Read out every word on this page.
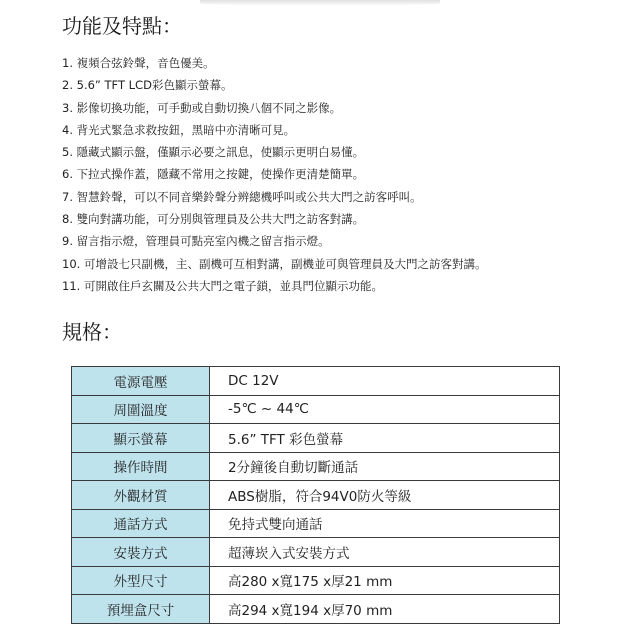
功能及特點：
1. 複頻合弦鈴聲，音色優美。
2. 5.6” TFT LCD彩色顯示螢幕。
3. 影像切換功能，可手動或自動切換八個不同之影像。
4. 背光式緊急求救按鈕，黑暗中亦清晰可見。
5. 隱藏式顯示盤，僅顯示必要之訊息，使顯示更明白易懂。
6. 下拉式操作蓋，隱藏不常用之按鍵，使操作更清楚簡單。
7. 智慧鈴聲，可以不同音樂鈴聲分辨總機呼叫或公共大門之訪客呼叫。
8. 雙向對講功能，可分別與管理員及公共大門之訪客對講。
9. 留言指示燈，管理員可點亮室內機之留言指示燈。
10. 可增設七只副機，主、副機可互相對講，副機並可與管理員及大門之訪客對講。
11. 可開啟住戶玄關及公共大門之電子鎖，並具門位顯示功能。
規格：
電源電壓	DC 12V
周圍溫度	-5℃ ~ 44℃
顯示螢幕	5.6” TFT 彩色螢幕
操作時間	2分鐘後自動切斷通話
外觀材質	ABS樹脂，符合94V0防火等級
通話方式	免持式雙向通話
安裝方式	超薄崁入式安裝方式
外型尺寸	高280 x寬175 x厚21 mm
預埋盒尺寸	高294 x寬194 x厚70 mm
